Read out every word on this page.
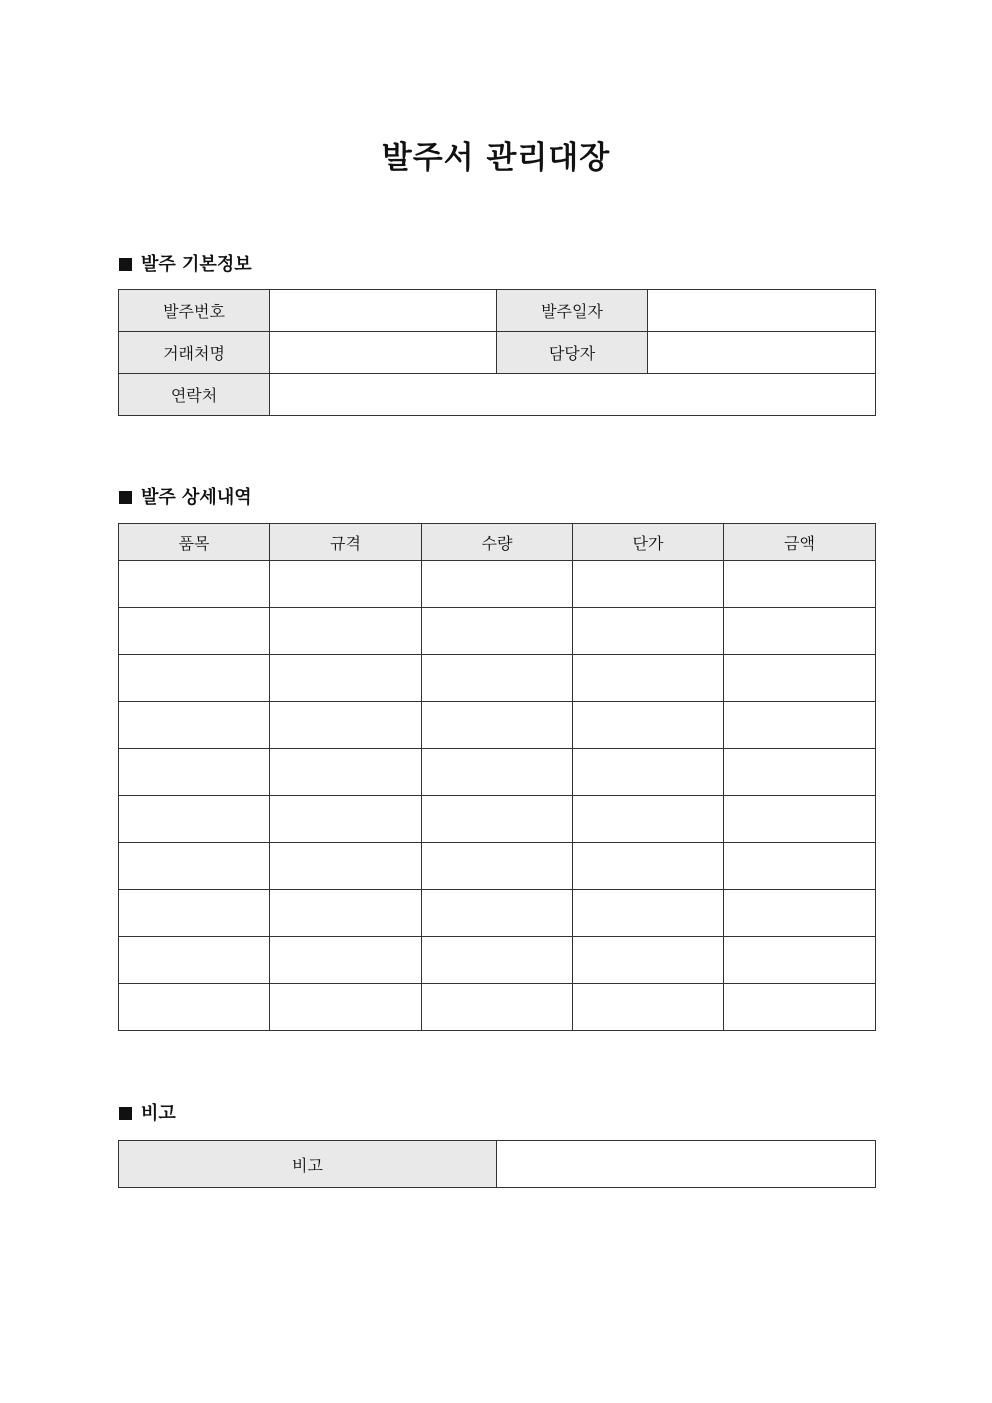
발주서 관리대장
발주 기본정보
발주번호		발주일자	
거래처명		담당자	
연락처			
발주 상세내역
품목	규격	수량	단가	금액

비고
비고	
